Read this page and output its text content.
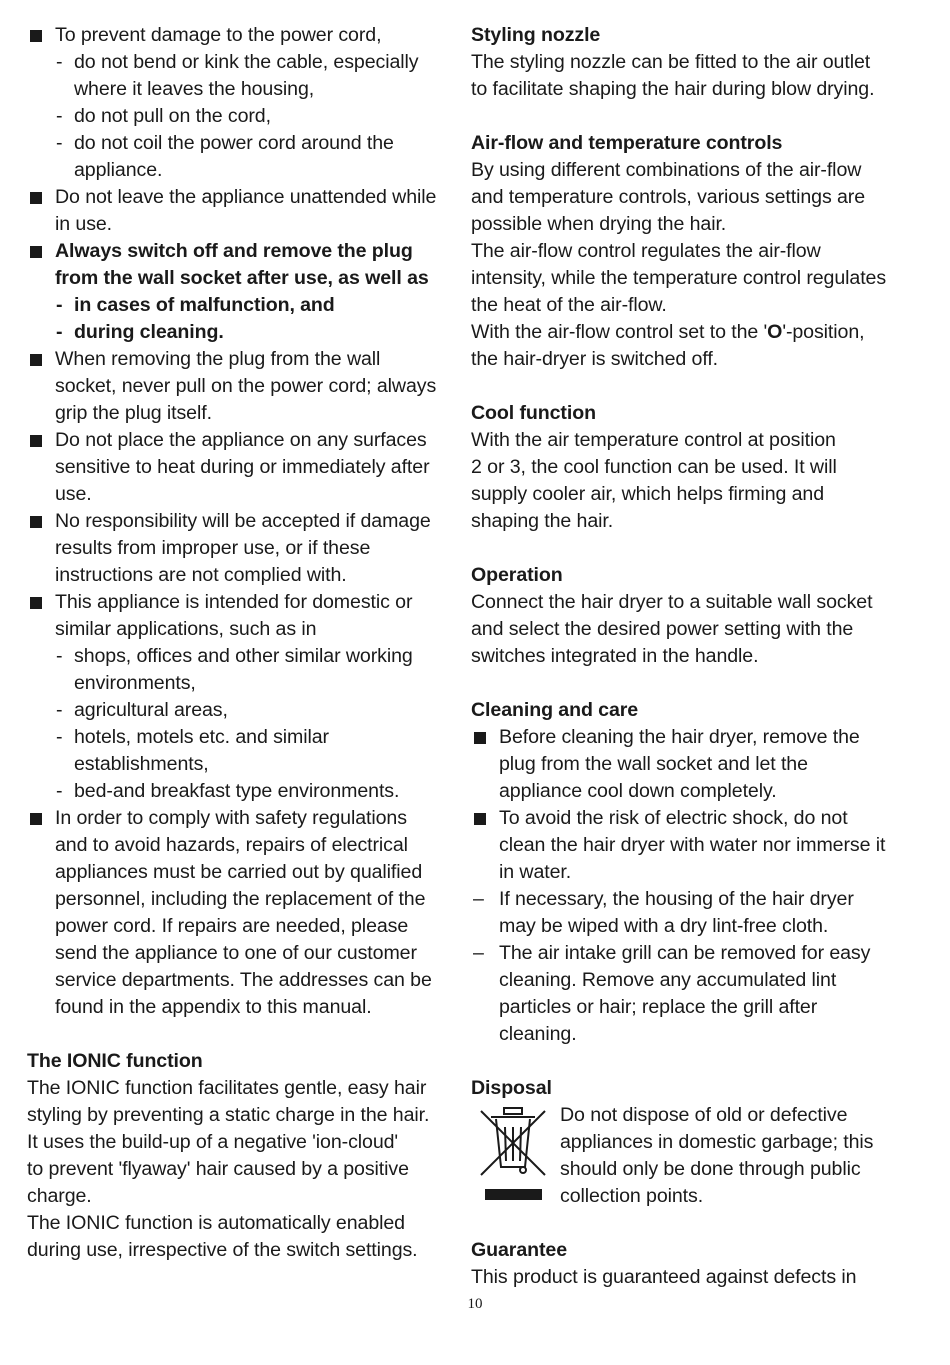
To prevent damage to the power cord,
- do not bend or kink the cable, especially where it leaves the housing,
- do not pull on the cord,
- do not coil the power cord around the appliance.
Do not leave the appliance unattended while in use.
Always switch off and remove the plug from the wall socket after use, as well as
- in cases of malfunction, and
- during cleaning.
When removing the plug from the wall socket, never pull on the power cord; always grip the plug itself.
Do not place the appliance on any surfaces sensitive to heat during or immediately after use.
No responsibility will be accepted if damage results from improper use, or if these instructions are not complied with.
This appliance is intended for domestic or similar applications, such as in
- shops, offices and other similar working environments,
- agricultural areas,
- hotels, motels etc. and similar establishments,
- bed-and breakfast type environments.
In order to comply with safety regulations and to avoid hazards, repairs of electrical appliances must be carried out by qualified personnel, including the replacement of the power cord. If repairs are needed, please send the appliance to one of our customer service departments. The addresses can be found in the appendix to this manual.
The IONIC function
The IONIC function facilitates gentle, easy hair styling by preventing a static charge in the hair.
It uses the build-up of a negative 'ion-cloud'
to prevent 'flyaway' hair caused by a positive charge.
The IONIC function is automatically enabled during use, irrespective of the switch settings.
Styling nozzle
The styling nozzle can be fitted to the air outlet to facilitate shaping the hair during blow drying.
Air-flow and temperature controls
By using different combinations of the air-flow and temperature controls, various settings are possible when drying the hair.
The air-flow control regulates the air-flow intensity, while the temperature control regulates the heat of the air-flow.
With the air-flow control set to the 'O'-position, the hair-dryer is switched off.
Cool function
With the air temperature control at position
2 or 3, the cool function can be used. It will supply cooler air, which helps firming and shaping the hair.
Operation
Connect the hair dryer to a suitable wall socket and select the desired power setting with the switches integrated in the handle.
Cleaning and care
Before cleaning the hair dryer, remove the plug from the wall socket and let the appliance cool down completely.
To avoid the risk of electric shock, do not clean the hair dryer with water nor immerse it in water.
– If necessary, the housing of the hair dryer may be wiped with a dry lint-free cloth.
– The air intake grill can be removed for easy cleaning. Remove any accumulated lint particles or hair; replace the grill after cleaning.
Disposal
Do not dispose of old or defective appliances in domestic garbage; this should only be done through public collection points.
Guarantee
This product is guaranteed against defects in
10
